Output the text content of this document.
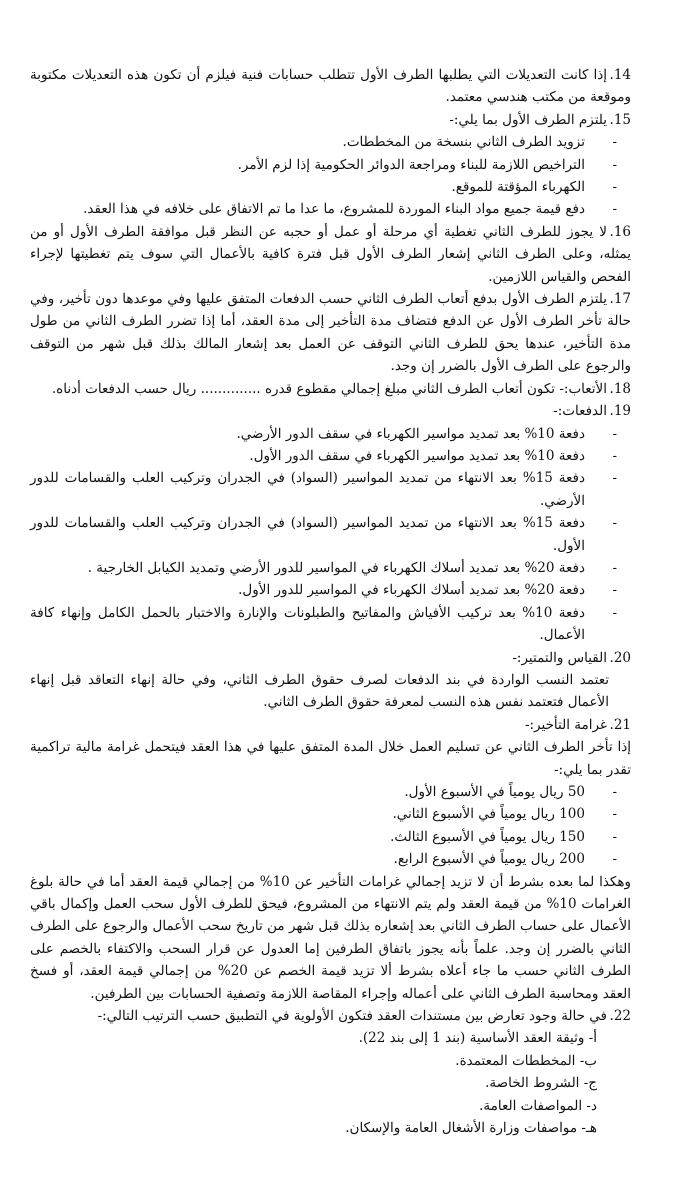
14.إذا كانت التعديلات التي يطلبها الطرف الأول تتطلب حسابات فنية فيلزم أن تكون هذه التعديلات مكتوبة وموقعة من مكتب هندسي معتمد.

15.يلتزم الطرف الأول بما يلي:-

- تزويد الطرف الثاني بنسخة من المخططات.
- التراخيص اللازمة للبناء ومراجعة الدوائر الحكومية إذا لزم الأمر.
- الكهرباء المؤقتة للموقع.
- دفع قيمة جميع مواد البناء الموردة للمشروع، ما عدا ما تم الاتفاق على خلافه في هذا العقد.

16.لا يجوز للطرف الثاني تغطية أي مرحلة أو عمل أو حجبه عن النظر قبل موافقة الطرف الأول أو من يمثله، وعلى الطرف الثاني إشعار الطرف الأول قبل فترة كافية بالأعمال التي سوف يتم تغطيتها لإجراء الفحص والقياس اللازمين.

17.يلتزم الطرف الأول بدفع أتعاب الطرف الثاني حسب الدفعات المتفق عليها وفي موعدها دون تأخير، وفي حالة تأخر الطرف الأول عن الدفع فتضاف مدة التأخير إلى مدة العقد، أما إذا تضرر الطرف الثاني من طول مدة التأخير، عندها يحق للطرف الثاني التوقف عن العمل بعد إشعار المالك بذلك قبل شهر من التوقف والرجوع على الطرف الأول بالضرر إن وجد.

18.الأتعاب:- تكون أتعاب الطرف الثاني مبلغ إجمالي مقطوع قدره .............. ريال حسب الدفعات أدناه.

19.الدفعات:-

- دفعة 10% بعد تمديد مواسير الكهرباء في سقف الدور الأرضي.
- دفعة 10% بعد تمديد مواسير الكهرباء في سقف الدور الأول.
- دفعة 15% بعد الانتهاء من تمديد المواسير (السواد) في الجدران وتركيب العلب والقسامات للدور الأرضي.
- دفعة 15% بعد الانتهاء من تمديد المواسير (السواد) في الجدران وتركيب العلب والقسامات للدور الأول.
- دفعة 20% بعد تمديد أسلاك الكهرباء في المواسير للدور الأرضي وتمديد الكيابل الخارجية .
- دفعة 20% بعد تمديد أسلاك الكهرباء في المواسير للدور الأول.
- دفعة 10% بعد تركيب الأفياش والمفاتيح والطبلونات والإنارة والاختبار بالحمل الكامل وإنهاء كافة الأعمال.

20.القياس والتمتير:-

تعتمد النسب الواردة في بند الدفعات لصرف حقوق الطرف الثاني، وفي حالة إنهاء التعاقد قبل إنهاء الأعمال فتعتمد نفس هذه النسب لمعرفة حقوق الطرف الثاني.

21.غرامة التأخير:-

إذا تأخر الطرف الثاني عن تسليم العمل خلال المدة المتفق عليها في هذا العقد فيتحمل غرامة مالية تراكمية تقدر بما يلي:-

- 50 ريال يومياً في الأسبوع الأول.
- 100 ريال يومياً في الأسبوع الثاني.
- 150 ريال يومياً في الأسبوع الثالث.
- 200 ريال يومياً في الأسبوع الرابع.

وهكذا لما بعده بشرط أن لا تزيد إجمالي غرامات التأخير عن 10% من إجمالي قيمة العقد أما في حالة بلوغ الغرامات 10% من قيمة العقد ولم يتم الانتهاء من المشروع، فيحق للطرف الأول سحب العمل وإكمال باقي الأعمال على حساب الطرف الثاني بعد إشعاره بذلك قبل شهر من تاريخ سحب الأعمال والرجوع على الطرف الثاني بالضرر إن وجد. علماً بأنه يجوز باتفاق الطرفين إما العدول عن قرار السحب والاكتفاء بالخصم على الطرف الثاني حسب ما جاء أعلاه بشرط ألا تزيد قيمة الخصم عن 20% من إجمالي قيمة العقد، أو فسخ العقد ومحاسبة الطرف الثاني على أعماله وإجراء المقاصة اللازمة وتصفية الحسابات بين الطرفين.

22.في حالة وجود تعارض بين مستندات العقد فتكون الأولوية في التطبيق حسب الترتيب التالي:-

أ- وثيقة العقد الأساسية (بند 1 إلى بند 22).
ب- المخططات المعتمدة.
ج- الشروط الخاصة.
د- المواصفات العامة.
هـ- مواصفات وزارة الأشغال العامة والإسكان.
